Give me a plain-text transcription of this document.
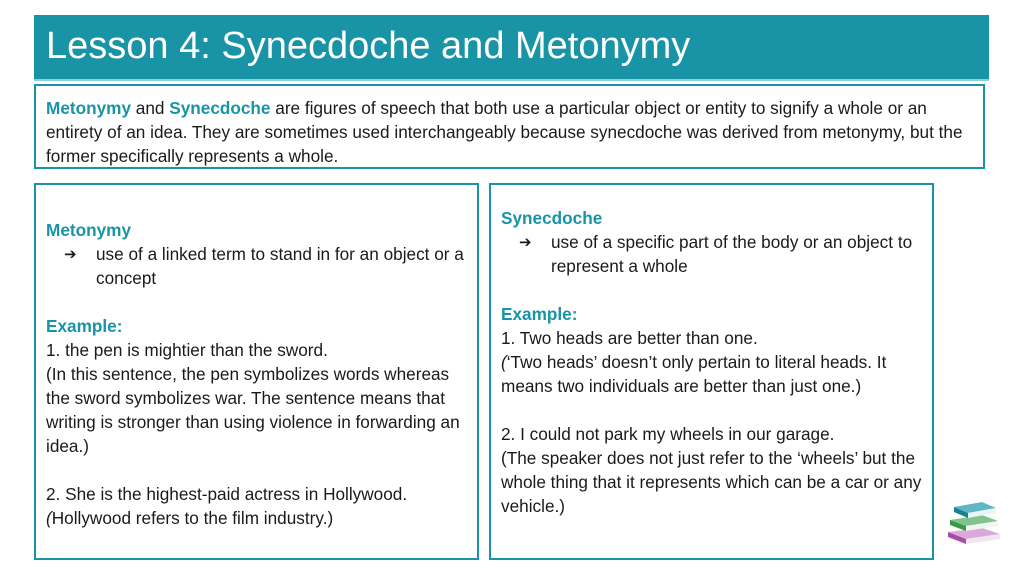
Lesson 4: Synecdoche and Metonymy
Metonymy and Synecdoche are figures of speech that both use a particular object or entity to signify a whole or an entirety of an idea. They are sometimes used interchangeably because synecdoche was derived from metonymy, but the former specifically represents a whole.
Metonymy
➔ use of a linked term to stand in for an object or a concept
Example:
1. the pen is mightier than the sword.
(In this sentence, the pen symbolizes words whereas the sword symbolizes war. The sentence means that writing is stronger than using violence in forwarding an idea.)
2. She is the highest-paid actress in Hollywood.
(Hollywood refers to the film industry.)
Synecdoche
➔ use of a specific part of the body or an object to represent a whole
Example:
1. Two heads are better than one.
(‘Two heads’ doesn’t only pertain to literal heads. It means two individuals are better than just one.)
2. I could not park my wheels in our garage.
(The speaker does not just refer to the ‘wheels’ but the whole thing that it represents which can be a car or any vehicle.)
